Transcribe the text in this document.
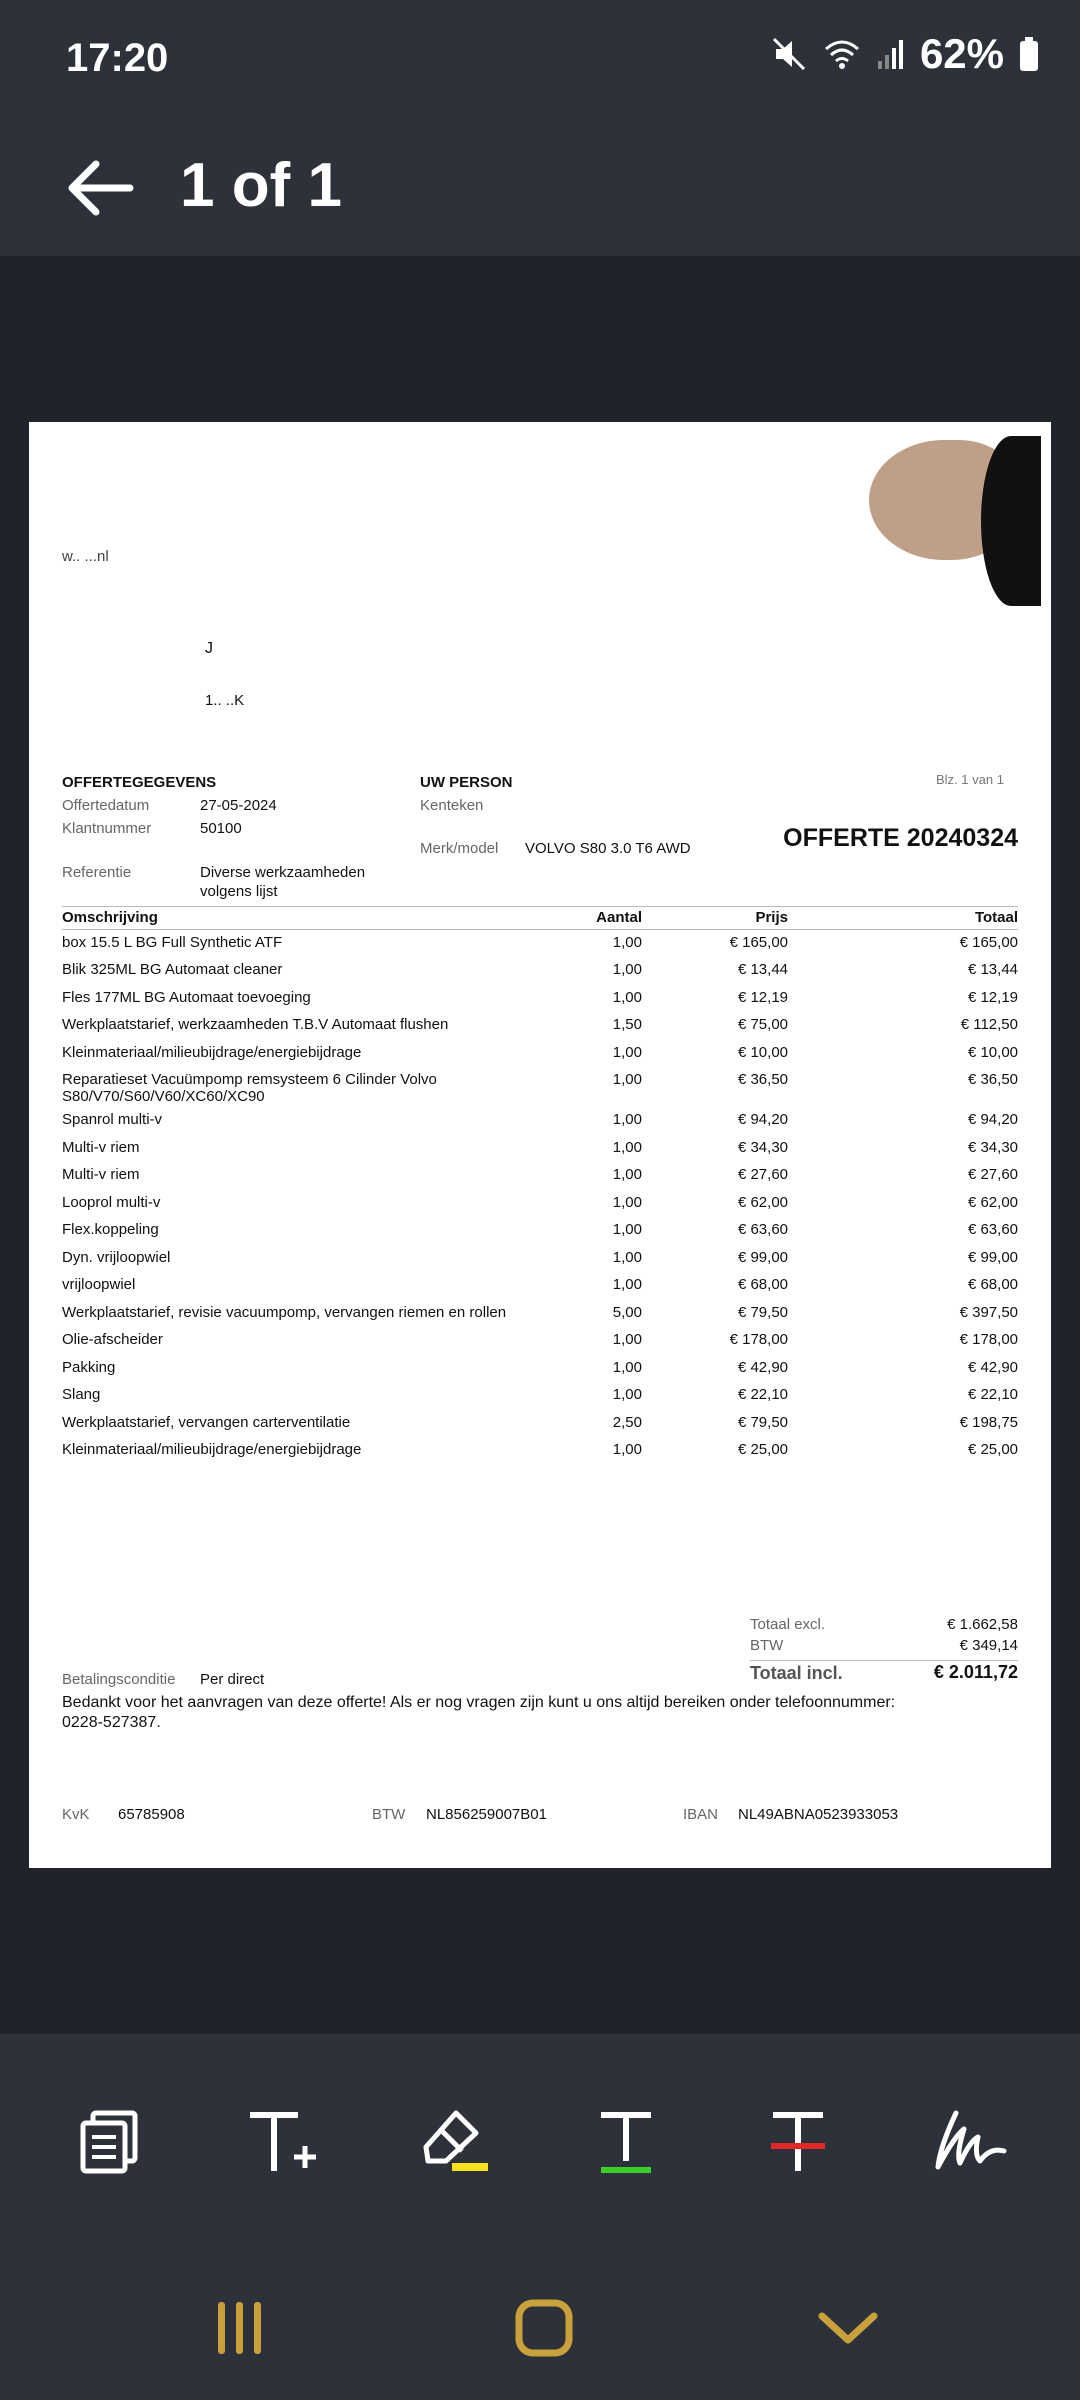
17:20	62%
1 of 1
w.. ...nl
J
1.. ..K
Blz. 1 van 1
OFFERTEGEGEVENS
Offertedatum	27-05-2024
Klantnummer	50100
Referentie	Diverse werkzaamheden
volgens lijst
UW PERSON
Kenteken
Merk/model VOLVO S80 3.0 T6 AWD	OFFERTE 20240324
Omschrijving	Aantal	Prijs	Totaal
box 15.5 L BG Full Synthetic ATF	1,00	€ 165,00	€ 165,00
Blik 325ML BG Automaat cleaner	1,00	€ 13,44	€ 13,44
Fles 177ML BG Automaat toevoeging	1,00	€ 12,19	€ 12,19
Werkplaatstarief, werkzaamheden T.B.V Automaat flushen	1,50	€ 75,00	€ 112,50
Kleinmateriaal/milieubijdrage/energiebijdrage	1,00	€ 10,00	€ 10,00
Reparatieset Vacuümpomp remsysteem 6 Cilinder Volvo
S80/V70/S60/V60/XC60/XC90	1,00	€ 36,50	€ 36,50
Spanrol multi-v	1,00	€ 94,20	€ 94,20
Multi-v riem	1,00	€ 34,30	€ 34,30
Multi-v riem	1,00	€ 27,60	€ 27,60
Looprol multi-v	1,00	€ 62,00	€ 62,00
Flex.koppeling	1,00	€ 63,60	€ 63,60
Dyn. vrijloopwiel	1,00	€ 99,00	€ 99,00
vrijloopwiel	1,00	€ 68,00	€ 68,00
Werkplaatstarief, revisie vacuumpomp, vervangen riemen en rollen	5,00	€ 79,50	€ 397,50
Olie-afscheider	1,00	€ 178,00	€ 178,00
Pakking	1,00	€ 42,90	€ 42,90
Slang	1,00	€ 22,10	€ 22,10
Werkplaatstarief, vervangen carterventilatie	2,50	€ 79,50	€ 198,75
Kleinmateriaal/milieubijdrage/energiebijdrage	1,00	€ 25,00	€ 25,00
Totaal excl.	€ 1.662,58
BTW	€ 349,14
Totaal incl.	€ 2.011,72
Betalingsconditie Per direct
Bedankt voor het aanvragen van deze offerte! Als er nog vragen zijn kunt u ons altijd bereiken onder telefoonnummer:
0228-527387.
KvK 65785908	BTW NL856259007B01	IBAN NL49ABNA0523933053
